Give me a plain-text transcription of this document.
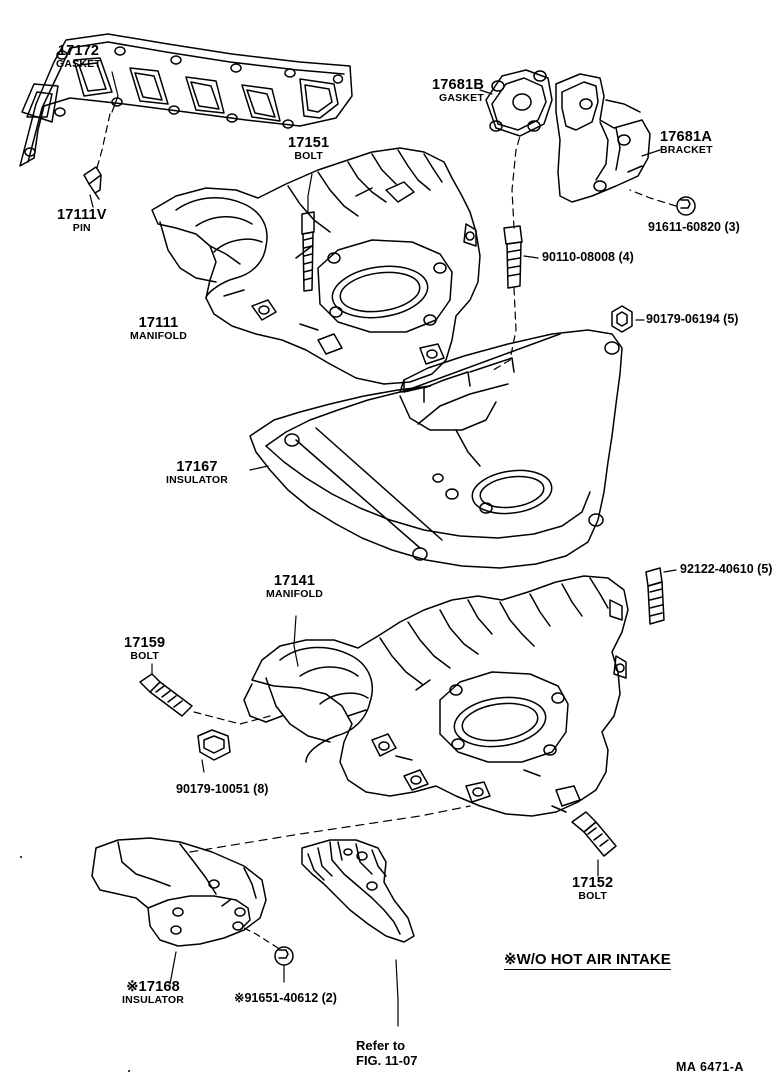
17172
GASKET
17111V
PIN
17151
BOLT
17681B
GASKET
17681A
BRACKET
17111
MANIFOLD
17167
INSULATOR
17141
MANIFOLD
17159
BOLT
17152
BOLT
※17168
INSULATOR
91611-60820 (3)
90110-08008 (4)
90179-06194 (5)
92122-40610 (5)
90179-10051 (8)
※91651-40612 (2)
※W/O HOT AIR INTAKE
Refer to
FIG. 11-07	MA 6471-A
